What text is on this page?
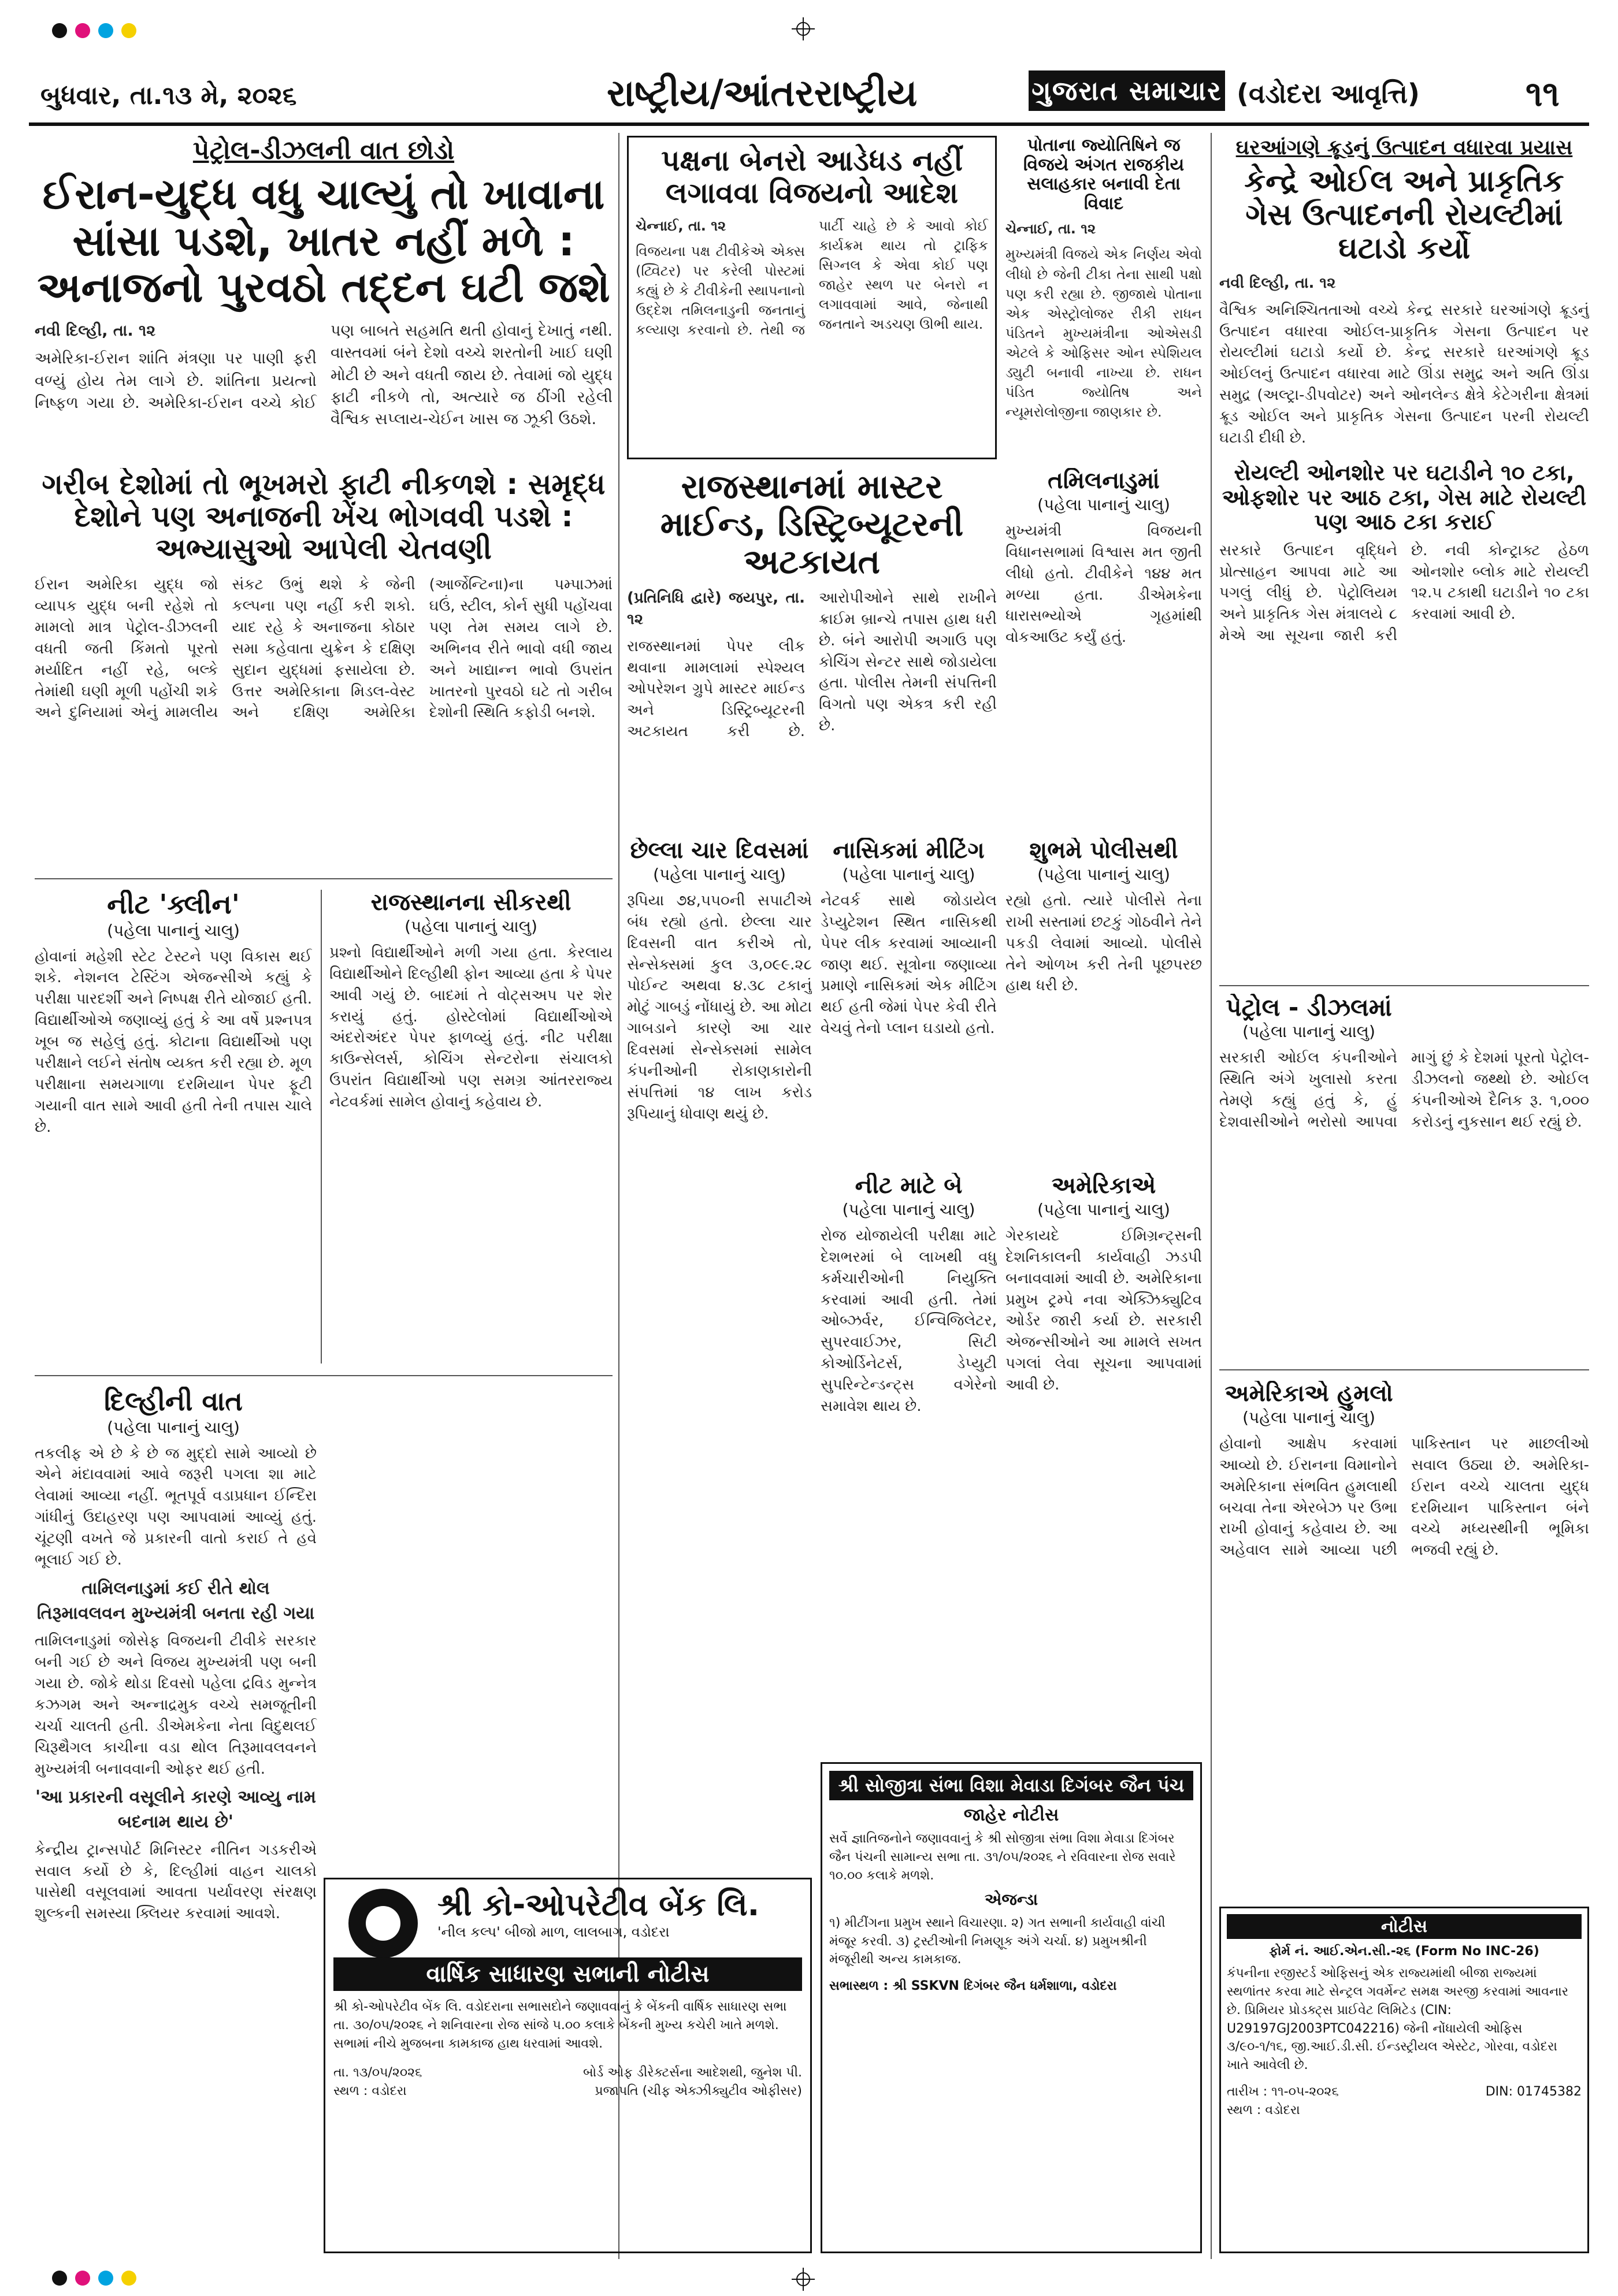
બુધવાર, તા.૧૩ મે, ૨૦૨૬	રાષ્ટ્રીય/આંતરરાષ્ટ્રીય	ગુજરાત સમાચાર (વડોદરા આવૃત્તિ)	૧૧
પેટ્રોલ-ડીઝલની વાત છોડો
ઈરાન-યુદ્ધ વધુ ચાલ્યું તો ખાવાના સાંસા પડશે, ખાતર નહીં મળે : અનાજનો પુરવઠો તદ્દન ઘટી જશે

નવી દિલ્હી, તા. ૧૨

અમેરિકા-ઈરાન શાંતિ મંત્રણા પર પાણી ફરી વળ્યું હોય તેમ લાગે છે. શાંતિના પ્રયત્નો નિષ્ફળ ગયા છે. અમેરિકા-ઈરાન વચ્ચે કોઈ પણ બાબતે સહમતિ થતી હોવાનું દેખાતું નથી. વાસ્તવમાં બંને દેશો વચ્ચે શરતોની ખાઈ ઘણી મોટી છે અને વધતી જાય છે. તેવામાં જો યુદ્ધ ફાટી નીકળે તો, અત્યારે જ ઠીંગી રહેલી વૈશ્વિક સપ્લાય-ચેઈન ખાસ જ ઝૂકી ઉઠશે.

ગરીબ દેશોમાં તો ભૂખમરો ફાટી નીકળશે : સમૃદ્ધ દેશોને પણ અનાજની ખેંચ ભોગવવી પડશે : અભ્યાસુઓ આપેલી ચેતવણી

ઈરાન અમેરિકા યુદ્ધ જો વ્યાપક યુદ્ધ બની રહેશે તો મામલો માત્ર પેટ્રોલ-ડીઝલની વધતી જતી કિંમતો પૂરતો મર્યાદિત નહીં રહે, બલ્કે તેમાંથી ઘણી મૂળી પહોંચી શકે અને દુનિયામાં એનું મામલીય સંકટ ઉભું થશે કે જેની કલ્પના પણ નહીં કરી શકો. યાદ રહે કે અનાજના કોઠાર સમા કહેવાતા યુક્રેન કે દક્ષિણ સુદાન યુદ્ધમાં ફસાયેલા છે. ઉત્તર અમેરિકાના મિડલ-વેસ્ટ અને દક્ષિણ અમેરિકા (આર્જેન્ટિના)ના પમ્પાઝમાં ઘઉં, સ્ટીલ, કોર્ન સુધી પહોંચવા પણ તેમ સમય લાગે છે. અભિનવ રીતે ભાવો વધી જાય અને ખાદ્યાન્ન ભાવો ઉપરાંત ખાતરનો પુરવઠો ઘટે તો ગરીબ દેશોની સ્થિતિ કફોડી બનશે.

નીટ 'ક્લીન'
(પહેલા પાનાનું ચાલુ)

હોવાનાં મહેશી સ્ટેટ ટેસ્ટને પણ વિકાસ થઈ શકે. નેશનલ ટેસ્ટિંગ એજન્સીએ કહ્યું કે પરીક્ષા પારદર્શી અને નિષ્પક્ષ રીતે યોજાઈ હતી. વિદ્યાર્થીઓએ જણાવ્યું હતું કે આ વર્ષે પ્રશ્નપત્ર ખૂબ જ સહેલું હતું. કોટાના વિદ્યાર્થીઓ પણ પરીક્ષાને લઈને સંતોષ વ્યક્ત કરી રહ્યા છે. મૂળ પરીક્ષાના સમયગાળા દરમિયાન પેપર ફૂટી ગયાની વાત સામે આવી હતી તેની તપાસ ચાલે છે.

રાજસ્થાનના સીકરથી
(પહેલા પાનાનું ચાલુ)

પ્રશ્નો વિદ્યાર્થીઓને મળી ગયા હતા. કેરલાય વિદ્યાર્થીઓને દિલ્હીથી ફોન આવ્યા હતા કે પેપર આવી ગયું છે. બાદમાં તે વોટ્સઅપ પર શેર કરાયું હતું. હોસ્ટેલોમાં વિદ્યાર્થીઓએ અંદરોઅંદર પેપર ફાળવ્યું હતું. નીટ પરીક્ષા કાઉન્સેલર્સ, કોચિંગ સેન્ટરોના સંચાલકો ઉપરાંત વિદ્યાર્થીઓ પણ સમગ્ર આંતરરાજ્ય નેટવર્કમાં સામેલ હોવાનું કહેવાય છે.

દિલ્હીની વાત
(પહેલા પાનાનું ચાલુ)

તકલીફ એ છે કે છે જ મુદ્દો સામે આવ્યો છે એને મંદાવવામાં આવે જરૂરી પગલા શા માટે લેવામાં આવ્યા નહીં. ભૂતપૂર્વ વડાપ્રધાન ઈન્દિરા ગાંધીનું ઉદાહરણ પણ આપવામાં આવ્યું હતું. ચૂંટણી વખતે જે પ્રકારની વાતો કરાઈ તે હવે ભૂલાઈ ગઈ છે.

તામિલનાડુમાં કઈ રીતે થોલ તિરૂમાવલવન મુખ્યમંત્રી બનતા રહી ગયા

તામિલનાડુમાં જોસેફ વિજયની ટીવીકે સરકાર બની ગઈ છે અને વિજય મુખ્યમંત્રી પણ બની ગયા છે. જોકે થોડા દિવસો પહેલા દ્રવિડ મુન્નેત્ર કઝગમ અને અન્નાદ્રમુક વચ્ચે સમજૂતીની ચર્ચા ચાલતી હતી. ડીએમકેના નેતા વિદુથલઈ ચિરૂથૈગલ કાચીના વડા થોલ તિરૂમાવલવનને મુખ્યમંત્રી બનાવવાની ઓફર થઈ હતી.

'આ પ્રકારની વસૂલીને કારણે આવ્યુ નામ બદનામ થાય છે'

કેન્દ્રીય ટ્રાન્સપોર્ટ મિનિસ્ટર નીતિન ગડકરીએ સવાલ કર્યો છે કે, દિલ્હીમાં વાહન ચાલકો પાસેથી વસૂલવામાં આવતા પર્યાવરણ સંરક્ષણ શુલ્કની સમસ્યા ક્લિયર કરવામાં આવશે.

પક્ષના બેનરો આડેધડ નહીં લગાવવા વિજયનો આદેશ

ચેન્નાઈ, તા. ૧૨

વિજયના પક્ષ ટીવીકેએ એક્સ (ટ્વિટર) પર કરેલી પોસ્ટમાં કહ્યું છે કે ટીવીકેની સ્થાપનાનો ઉદ્દેશ તમિલનાડુની જનતાનું કલ્યાણ કરવાનો છે. તેથી જ પાર્ટી ચાહે છે કે આવો કોઈ કાર્યક્રમ થાય તો ટ્રાફિક સિગ્નલ કે એવા કોઈ પણ જાહેર સ્થળ પર બેનરો ન લગાવવામાં આવે, જેનાથી જનતાને અડચણ ઊભી થાય.

પોતાના જ્યોતિષિને જ વિજયે અંગત રાજકીય સલાહકાર બનાવી દેતા વિવાદ

ચેન્નાઈ, તા. ૧૨

મુખ્યમંત્રી વિજયે એક નિર્ણય એવો લીધો છે જેની ટીકા તેના સાથી પક્ષો પણ કરી રહ્યા છે. જીજાથે પોતાના એક એસ્ટ્રોલોજર રીકી રાધન પંડિતને મુખ્યમંત્રીના ઓએસડી એટલે કે ઓફિસર ઓન સ્પેશિયલ ડ્યુટી બનાવી નાખ્યા છે. રાધન પંડિત જ્યોતિષ અને ન્યૂમરોલોજીના જાણકાર છે.

રાજસ્થાનમાં માસ્ટર માઈન્ડ, ડિસ્ટ્રિબ્યૂટરની અટકાયત

(પ્રતિનિધિ દ્વારે) જયપુર, તા. ૧૨

રાજસ્થાનમાં પેપર લીક થવાના મામલામાં સ્પેશ્યલ ઓપરેશન ગ્રુપે માસ્ટર માઈન્ડ અને ડિસ્ટ્રિબ્યૂટરની અટકાયત કરી છે. આરોપીઓને સાથે રાખીને ક્રાઈમ બ્રાન્ચે તપાસ હાથ ધરી છે. બંને આરોપી અગાઉ પણ કોચિંગ સેન્ટર સાથે જોડાયેલા હતા. પોલીસ તેમની સંપત્તિની વિગતો પણ એકત્ર કરી રહી છે.

તમિલનાડુમાં
(પહેલા પાનાનું ચાલુ)

મુખ્યમંત્રી વિજયની વિધાનસભામાં વિશ્વાસ મત જીતી લીધો હતો. ટીવીકેને ૧૪૪ મત મળ્યા હતા. ડીએમકેના ધારાસભ્યોએ ગૃહમાંથી વોકઆઉટ કર્યું હતું.

છેલ્લા ચાર દિવસમાં
(પહેલા પાનાનું ચાલુ)

રૂપિયા ૭૪,૫૫૦ની સપાટીએ બંધ રહ્યો હતો. છેલ્લા ચાર દિવસની વાત કરીએ તો, સેન્સેક્સમાં કુલ ૩,૦૯૯.૨૮ પોઈન્ટ અથવા ૪.૩૮ ટકાનું મોટું ગાબડું નોંધાયું છે. આ મોટા ગાબડાને કારણે આ ચાર દિવસમાં સેન્સેક્સમાં સામેલ કંપનીઓની રોકાણકારોની સંપત્તિમાં ૧૪ લાખ કરોડ રૂપિયાનું ધોવાણ થયું છે.

નાસિકમાં મીટિંગ
(પહેલા પાનાનું ચાલુ)

નેટવર્ક સાથે જોડાયેલ ડેપ્યુટેશન સ્થિત નાસિકથી પેપર લીક કરવામાં આવ્યાની જાણ થઈ. સૂત્રોના જણાવ્યા પ્રમાણે નાસિકમાં એક મીટિંગ થઈ હતી જેમાં પેપર કેવી રીતે વેચવું તેનો પ્લાન ઘડાયો હતો.

શુભમે પોલીસથી
(પહેલા પાનાનું ચાલુ)

રહ્યો હતો. ત્યારે પોલીસે તેના રાખી સસ્તામાં છટકું ગોઠવીને તેને પકડી લેવામાં આવ્યો. પોલીસે તેને ઓળખ કરી તેની પૂછપરછ હાથ ધરી છે.

નીટ માટે બે
(પહેલા પાનાનું ચાલુ)

રોજ યોજાયેલી પરીક્ષા માટે દેશભરમાં બે લાખથી વધુ કર્મચારીઓની નિયુક્તિ કરવામાં આવી હતી. તેમાં ઓબ્ઝર્વર, ઈન્વિજિલેટર, સુપરવાઈઝર, સિટી કોઓર્ડિનેટર્સ, ડેપ્યુટી સુપરિન્ટેન્ડન્ટ્સ વગેરેનો સમાવેશ થાય છે.

અમેરિકાએ
(પહેલા પાનાનું ચાલુ)

ગેરકાયદે ઈમિગ્રન્ટ્સની દેશનિકાલની કાર્યવાહી ઝડપી બનાવવામાં આવી છે. અમેરિકાના પ્રમુખ ટ્રમ્પે નવા એક્ઝિક્યુટિવ ઓર્ડર જારી કર્યા છે. સરકારી એજન્સીઓને આ મામલે સખત પગલાં લેવા સૂચના આપવામાં આવી છે.

શ્રી કો-ઓપરેટીવ બેંક લિ.
'નીલ કલ્પ' બીજો માળ, લાલબાગ, વડોદરા
વાર્ષિક સાધારણ સભાની નોટીસ
શ્રી કો-ઓપરેટીવ બેંક લિ. વડોદરાના સભાસદોને જણાવવાનું કે બેંકની વાર્ષિક સાધારણ સભા તા. ૩૦/૦૫/૨૦૨૬ ને શનિવારના રોજ સાંજે ૫.૦૦ કલાકે બેંકની મુખ્ય કચેરી ખાતે મળશે. સભામાં નીચે મુજબના કામકાજ હાથ ધરવામાં આવશે.
તા. ૧૩/૦૫/૨૦૨૬
સ્થળ : વડોદરા
બોર્ડ ઓફ ડીરેક્ટર્સના આદેશથી, જુનેશ પી. પ્રજાપતિ (ચીફ એક્ઝીક્યુટીવ ઓફીસર)
શ્રી સોજીત્રા સંભા વિશા મેવાડા દિગંબર જૈન પંચ
જાહેર નોટીસ
સર્વે જ્ઞાતિજનોને જણાવવાનું કે શ્રી સોજીત્રા સંભા વિશા મેવાડા દિગંબર જૈન પંચની સામાન્ય સભા તા. ૩૧/૦૫/૨૦૨૬ ને રવિવારના રોજ સવારે ૧૦.૦૦ કલાકે મળશે.
એજન્ડા
૧) મીટીંગના પ્રમુખ સ્થાને વિચારણા. ૨) ગત સભાની કાર્યવાહી વાંચી મંજૂર કરવી. ૩) ટ્રસ્ટીઓની નિમણૂક અંગે ચર્ચા. ૪) પ્રમુખશ્રીની મંજૂરીથી અન્ય કામકાજ.
સભાસ્થળ : શ્રી SSKVN દિગંબર જૈન ધર્મશાળા, વડોદરા
ઘરઆંગણે ક્રૂડનું ઉત્પાદન વધારવા પ્રયાસ
કેન્દ્રે ઓઈલ અને પ્રાકૃતિક ગેસ ઉત્પાદનની રોયલ્ટીમાં ઘટાડો કર્યો

નવી દિલ્હી, તા. ૧૨

વૈશ્વિક અનિશ્ચિતતાઓ વચ્ચે કેન્દ્ર સરકારે ઘરઆંગણે ક્રૂડનું ઉત્પાદન વધારવા ઓઈલ-પ્રાકૃતિક ગેસના ઉત્પાદન પર રોયલ્ટીમાં ઘટાડો કર્યો છે. કેન્દ્ર સરકારે ઘરઆંગણે ક્રૂડ ઓઈલનું ઉત્પાદન વધારવા માટે ઊંડા સમુદ્ર અને અતિ ઊંડા સમુદ્ર (અલ્ટ્રા-ડીપવોટર) અને ઓનલેન્ડ ક્ષેત્રે કેટેગરીના ક્ષેત્રમાં ક્રૂડ ઓઈલ અને પ્રાકૃતિક ગેસના ઉત્પાદન પરની રોયલ્ટી ઘટાડી દીધી છે.

રોયલ્ટી ઓનશોર પર ઘટાડીને ૧૦ ટકા, ઓફશોર પર આઠ ટકા, ગેસ માટે રોયલ્ટી પણ આઠ ટકા કરાઈ

સરકારે ઉત્પાદન વૃદ્ધિને પ્રોત્સાહન આપવા માટે આ પગલું લીધું છે. પેટ્રોલિયમ અને પ્રાકૃતિક ગેસ મંત્રાલયે ૮ મેએ આ સૂચના જારી કરી છે. નવી કોન્ટ્રાક્ટ હેઠળ ઓનશોર બ્લોક માટે રોયલ્ટી ૧૨.૫ ટકાથી ઘટાડીને ૧૦ ટકા કરવામાં આવી છે.

પેટ્રોલ - ડીઝલમાં
(પહેલા પાનાનું ચાલુ)

સરકારી ઓઈલ કંપનીઓને સ્થિતિ અંગે ખુલાસો કરતા તેમણે કહ્યું હતું કે, હું દેશવાસીઓને ભરોસો આપવા માગું છું કે દેશમાં પૂરતો પેટ્રોલ-ડીઝલનો જથ્થો છે. ઓઈલ કંપનીઓએ દૈનિક રૂ. ૧,૦૦૦ કરોડનું નુકસાન થઈ રહ્યું છે.

અમેરિકાએ હુમલો
(પહેલા પાનાનું ચાલુ)

હોવાનો આક્ષેપ કરવામાં આવ્યો છે. ઈરાનના વિમાનોને અમેરિકાના સંભવિત હુમલાથી બચવા તેના એરબેઝ પર ઉભા રાખી હોવાનું કહેવાય છે. આ અહેવાલ સામે આવ્યા પછી પાકિસ્તાન પર માછલીઓ સવાલ ઉઠ્યા છે. અમેરિકા-ઈરાન વચ્ચે ચાલતા યુદ્ધ દરમિયાન પાકિસ્તાન બંને વચ્ચે મધ્યસ્થીની ભૂમિકા ભજવી રહ્યું છે.

નોટીસ
ફોર્મ નં. આઈ.એન.સી.-૨૬ (Form No INC-26)
કંપનીના રજીસ્ટર્ડ ઓફિસનું એક રાજ્યમાંથી બીજા રાજ્યમાં સ્થળાંતર કરવા માટે સેન્ટ્રલ ગવર્મેન્ટ સમક્ષ અરજી કરવામાં આવનાર છે. પ્રિમિયર પ્રોડક્ટ્સ પ્રાઈવેટ લિમિટેડ (CIN: U29197GJ2003PTC042216) જેની નોંધાયેલી ઓફિસ ૩/૯૦-૧/૧૬, જી.આઈ.ડી.સી. ઈન્ડસ્ટ્રીયલ એસ્ટેટ, ગોરવા, વડોદરા ખાતે આવેલી છે.
તારીખ : ૧૧-૦૫-૨૦૨૬
સ્થળ : વડોદરા
DIN: 01745382
